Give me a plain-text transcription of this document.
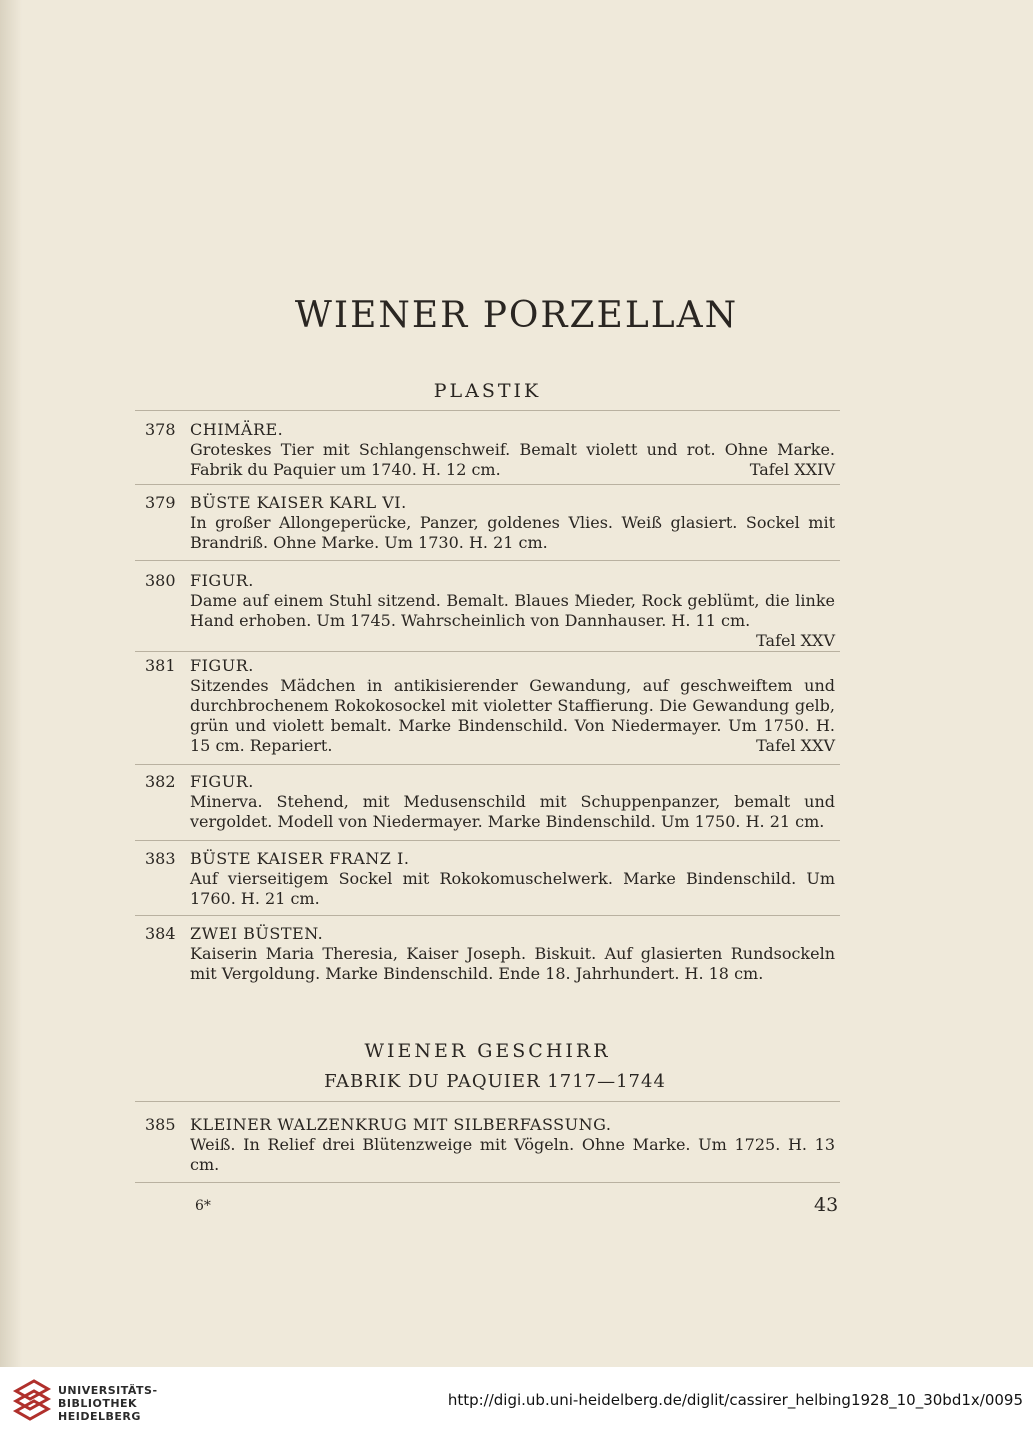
WIENER PORZELLAN
PLASTIK
378 CHIMÄRE.
Groteskes Tier mit Schlangenschweif. Bemalt violett und rot. Ohne Marke. Fabrik du Paquier um 1740. H. 12 cm.	Tafel XXIV
379 BÜSTE KAISER KARL VI.
In großer Allongeperücke, Panzer, goldenes Vlies. Weiß glasiert. Sockel mit Brandriß. Ohne Marke. Um 1730. H. 21 cm.
380 FIGUR.
Dame auf einem Stuhl sitzend. Bemalt. Blaues Mieder, Rock geblümt, die linke Hand erhoben. Um 1745. Wahrscheinlich von Dannhauser. H. 11 cm.
Tafel XXV
381 FIGUR.
Sitzendes Mädchen in antikisierender Gewandung, auf geschweiftem und durchbrochenem Rokokosockel mit violetter Staffierung. Die Gewandung gelb, grün und violett bemalt. Marke Bindenschild. Von Niedermayer. Um 1750. H. 15 cm. Repariert.	Tafel XXV
382 FIGUR.
Minerva. Stehend, mit Medusenschild mit Schuppenpanzer, bemalt und vergoldet. Modell von Niedermayer. Marke Bindenschild. Um 1750. H. 21 cm.
383 BÜSTE KAISER FRANZ I.
Auf vierseitigem Sockel mit Rokokomuschelwerk. Marke Bindenschild. Um 1760. H. 21 cm.
384 ZWEI BÜSTEN.
Kaiserin Maria Theresia, Kaiser Joseph. Biskuit. Auf glasierten Rundsockeln mit Vergoldung. Marke Bindenschild. Ende 18. Jahrhundert. H. 18 cm.
WIENER GESCHIRR
FABRIK DU PAQUIER 1717—1744
385 KLEINER WALZENKRUG MIT SILBERFASSUNG.
Weiß. In Relief drei Blütenzweige mit Vögeln. Ohne Marke. Um 1725. H. 13 cm.
6*	43
UNIVERSITÄTS-
BIBLIOTHEK
HEIDELBERG
http://digi.ub.uni-heidelberg.de/diglit/cassirer_helbing1928_10_30bd1x/0095
